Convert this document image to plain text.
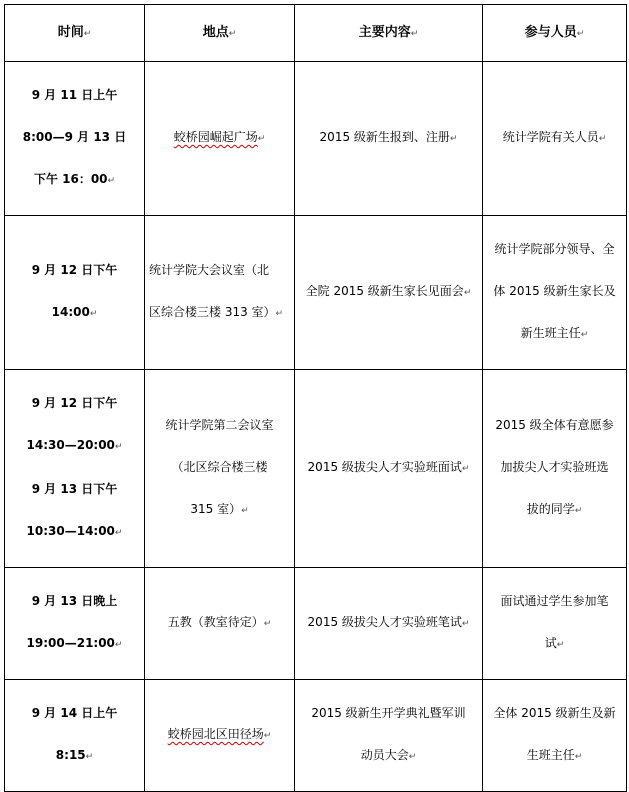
时间↵	地点↵	主要内容↵	参与人员↵

9 月 11 日上午

8:00—9 月 13 日

下午 16：00↵	蛟桥园崛起广场↵	2015 级新生报到、注册↵	统计学院有关人员↵

9 月 12 日下午

14:00↵	统计学院大会议室（北

区综合楼三楼 313 室）↵	全院 2015 级新生家长见面会↵	统计学院部分领导、全

体 2015 级新生家长及

新生班主任↵

9 月 12 日下午

14:30—20:00↵

9 月 13 日下午

10:30—14:00↵	统计学院第二会议室

（北区综合楼三楼

315 室）↵	2015 级拔尖人才实验班面试↵	2015 级全体有意愿参

加拔尖人才实验班选

拔的同学↵

9 月 13 日晚上

19:00—21:00↵	五教（教室待定）↵	2015 级拔尖人才实验班笔试↵	面试通过学生参加笔

试↵

9 月 14 日上午

8:15↵	蛟桥园北区田径场↵	2015 级新生开学典礼暨军训

动员大会↵	全体 2015 级新生及新

生班主任↵
